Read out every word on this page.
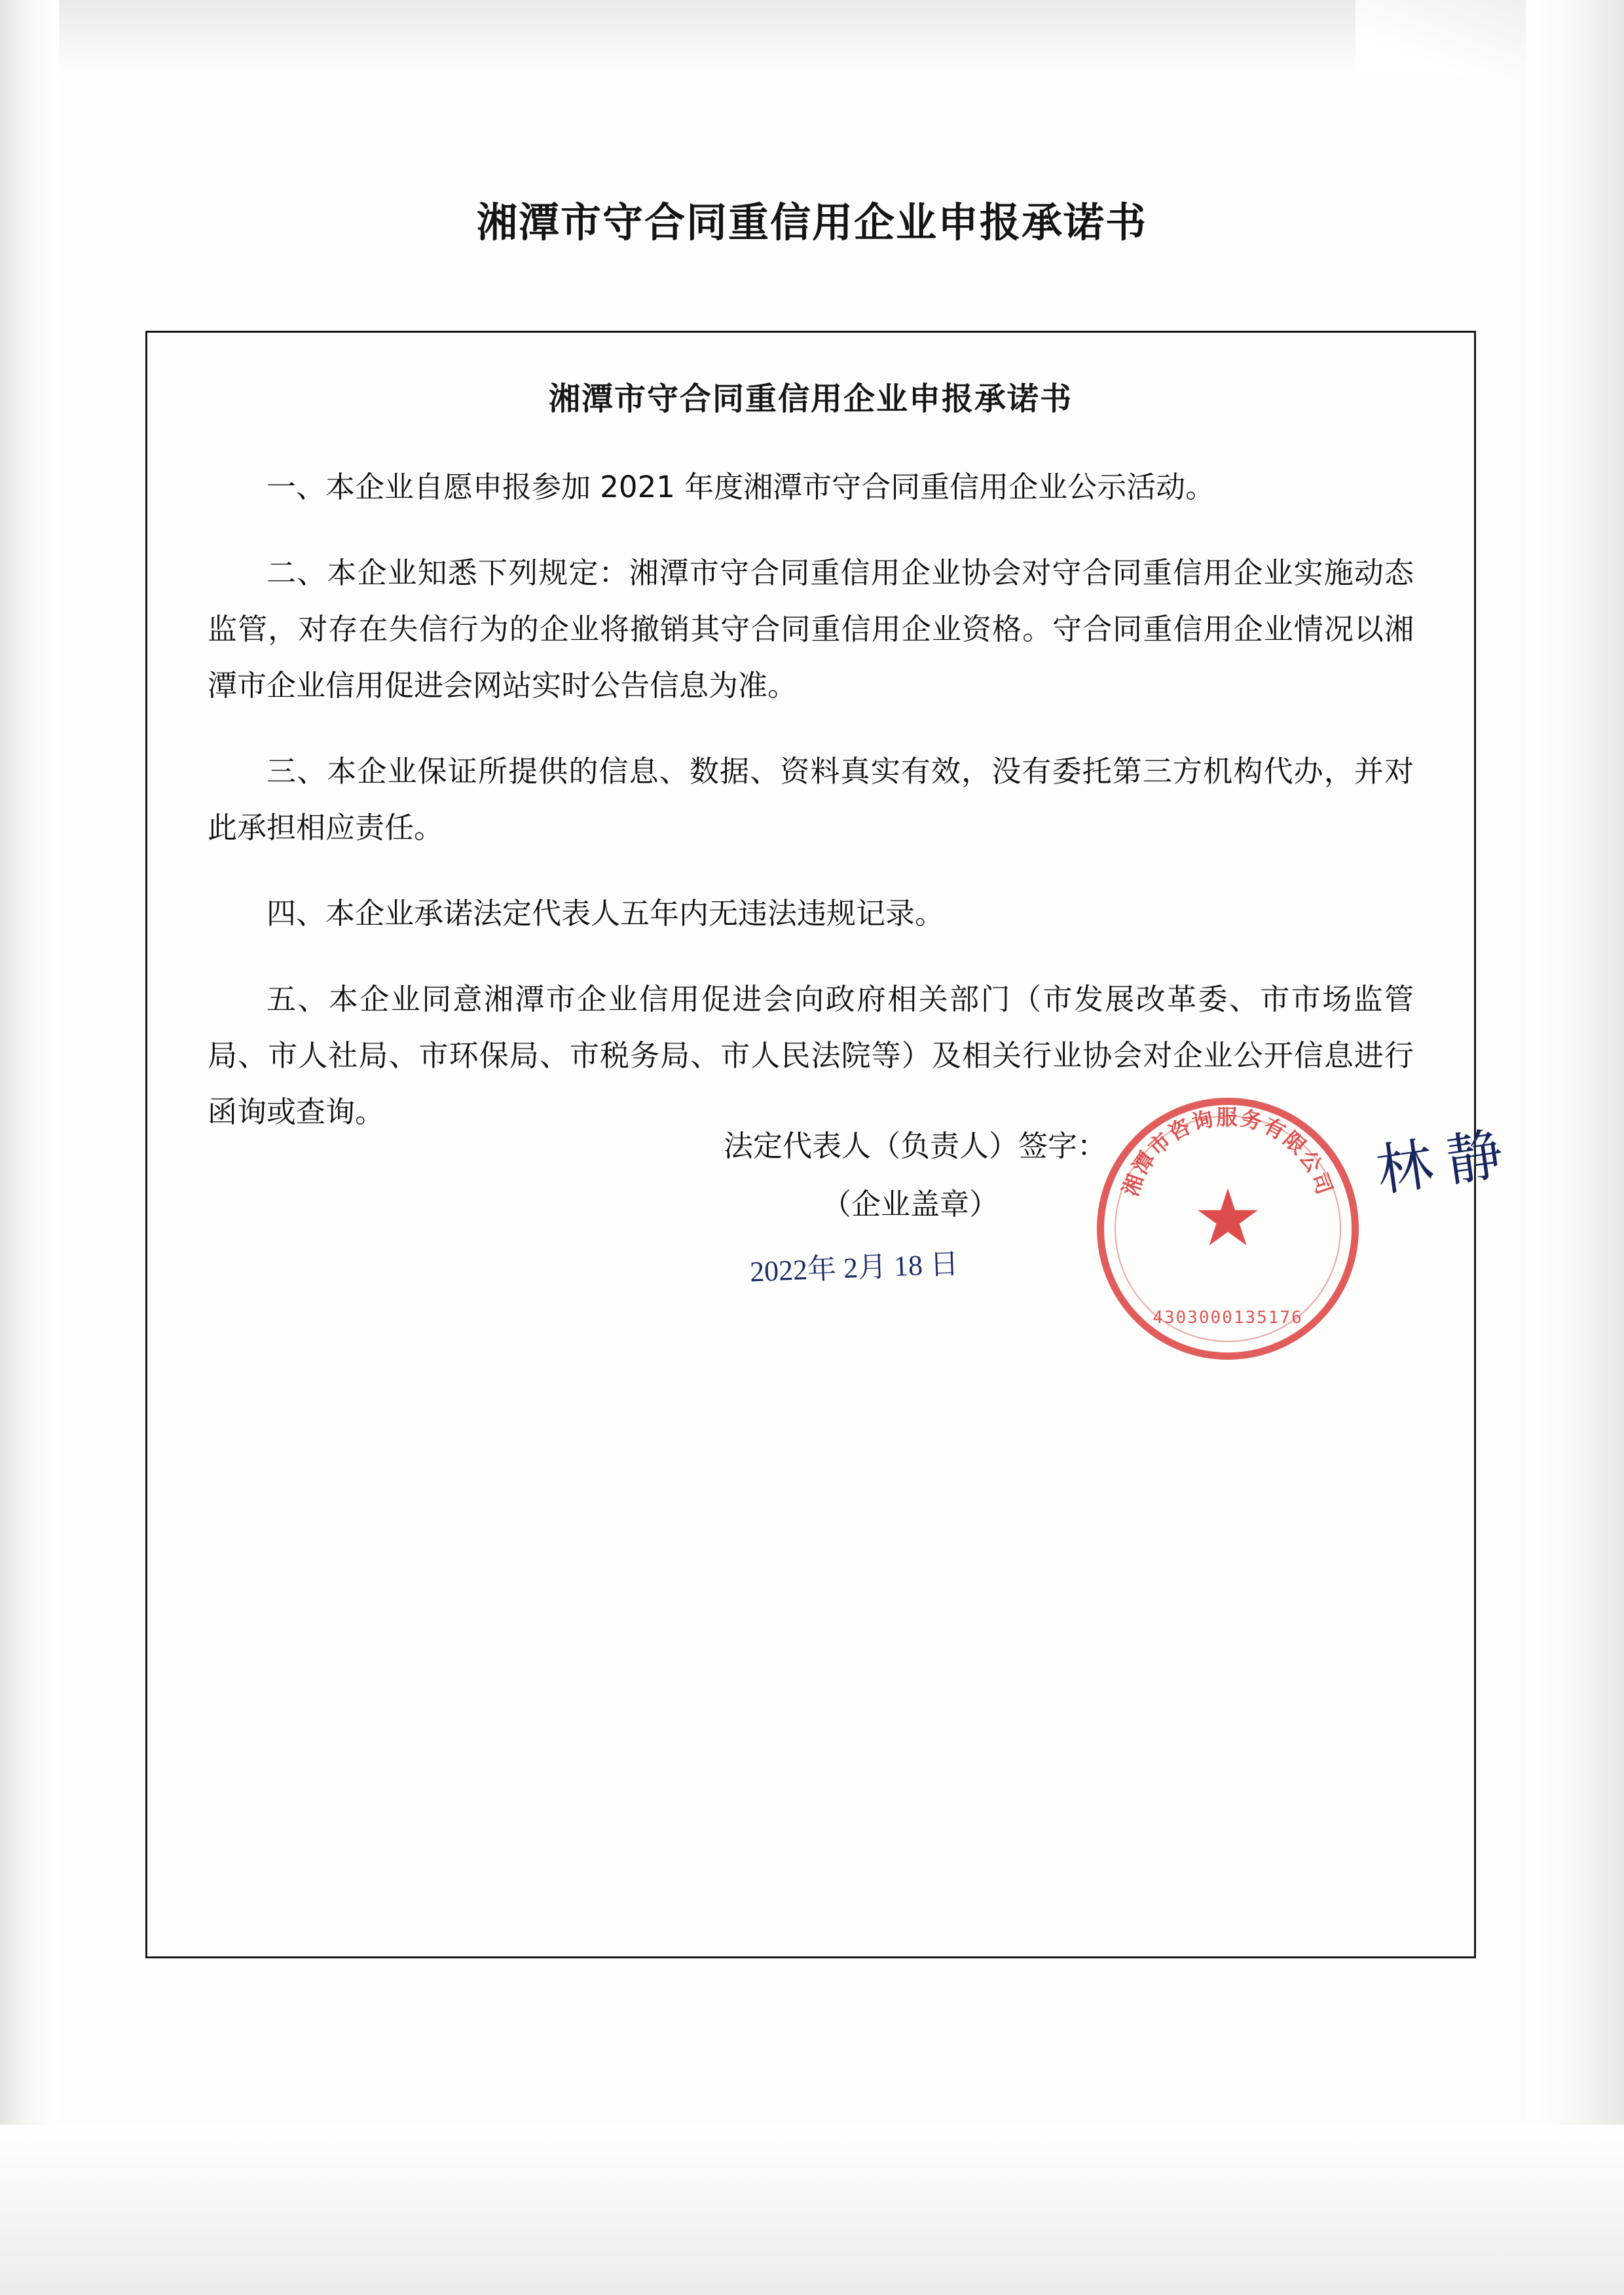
湘潭市守合同重信用企业申报承诺书
湘潭市守合同重信用企业申报承诺书

一、本企业自愿申报参加 2021 年度湘潭市守合同重信用企业公示活动。

二、本企业知悉下列规定：湘潭市守合同重信用企业协会对守合同重信用企业实施动态监管，对存在失信行为的企业将撤销其守合同重信用企业资格。守合同重信用企业情况以湘潭市企业信用促进会网站实时公告信息为准。

三、本企业保证所提供的信息、数据、资料真实有效，没有委托第三方机构代办，并对此承担相应责任。

四、本企业承诺法定代表人五年内无违法违规记录。

五、本企业同意湘潭市企业信用促进会向政府相关部门（市发展改革委、市市场监管局、市人社局、市环保局、市税务局、市人民法院等）及相关行业协会对企业公开信息进行函询或查询。

法定代表人（负责人）签字：
（企业盖章）
2022年 2月 18 日
湘潭市咨询服务有限公司
★
4303000135176
林 静
